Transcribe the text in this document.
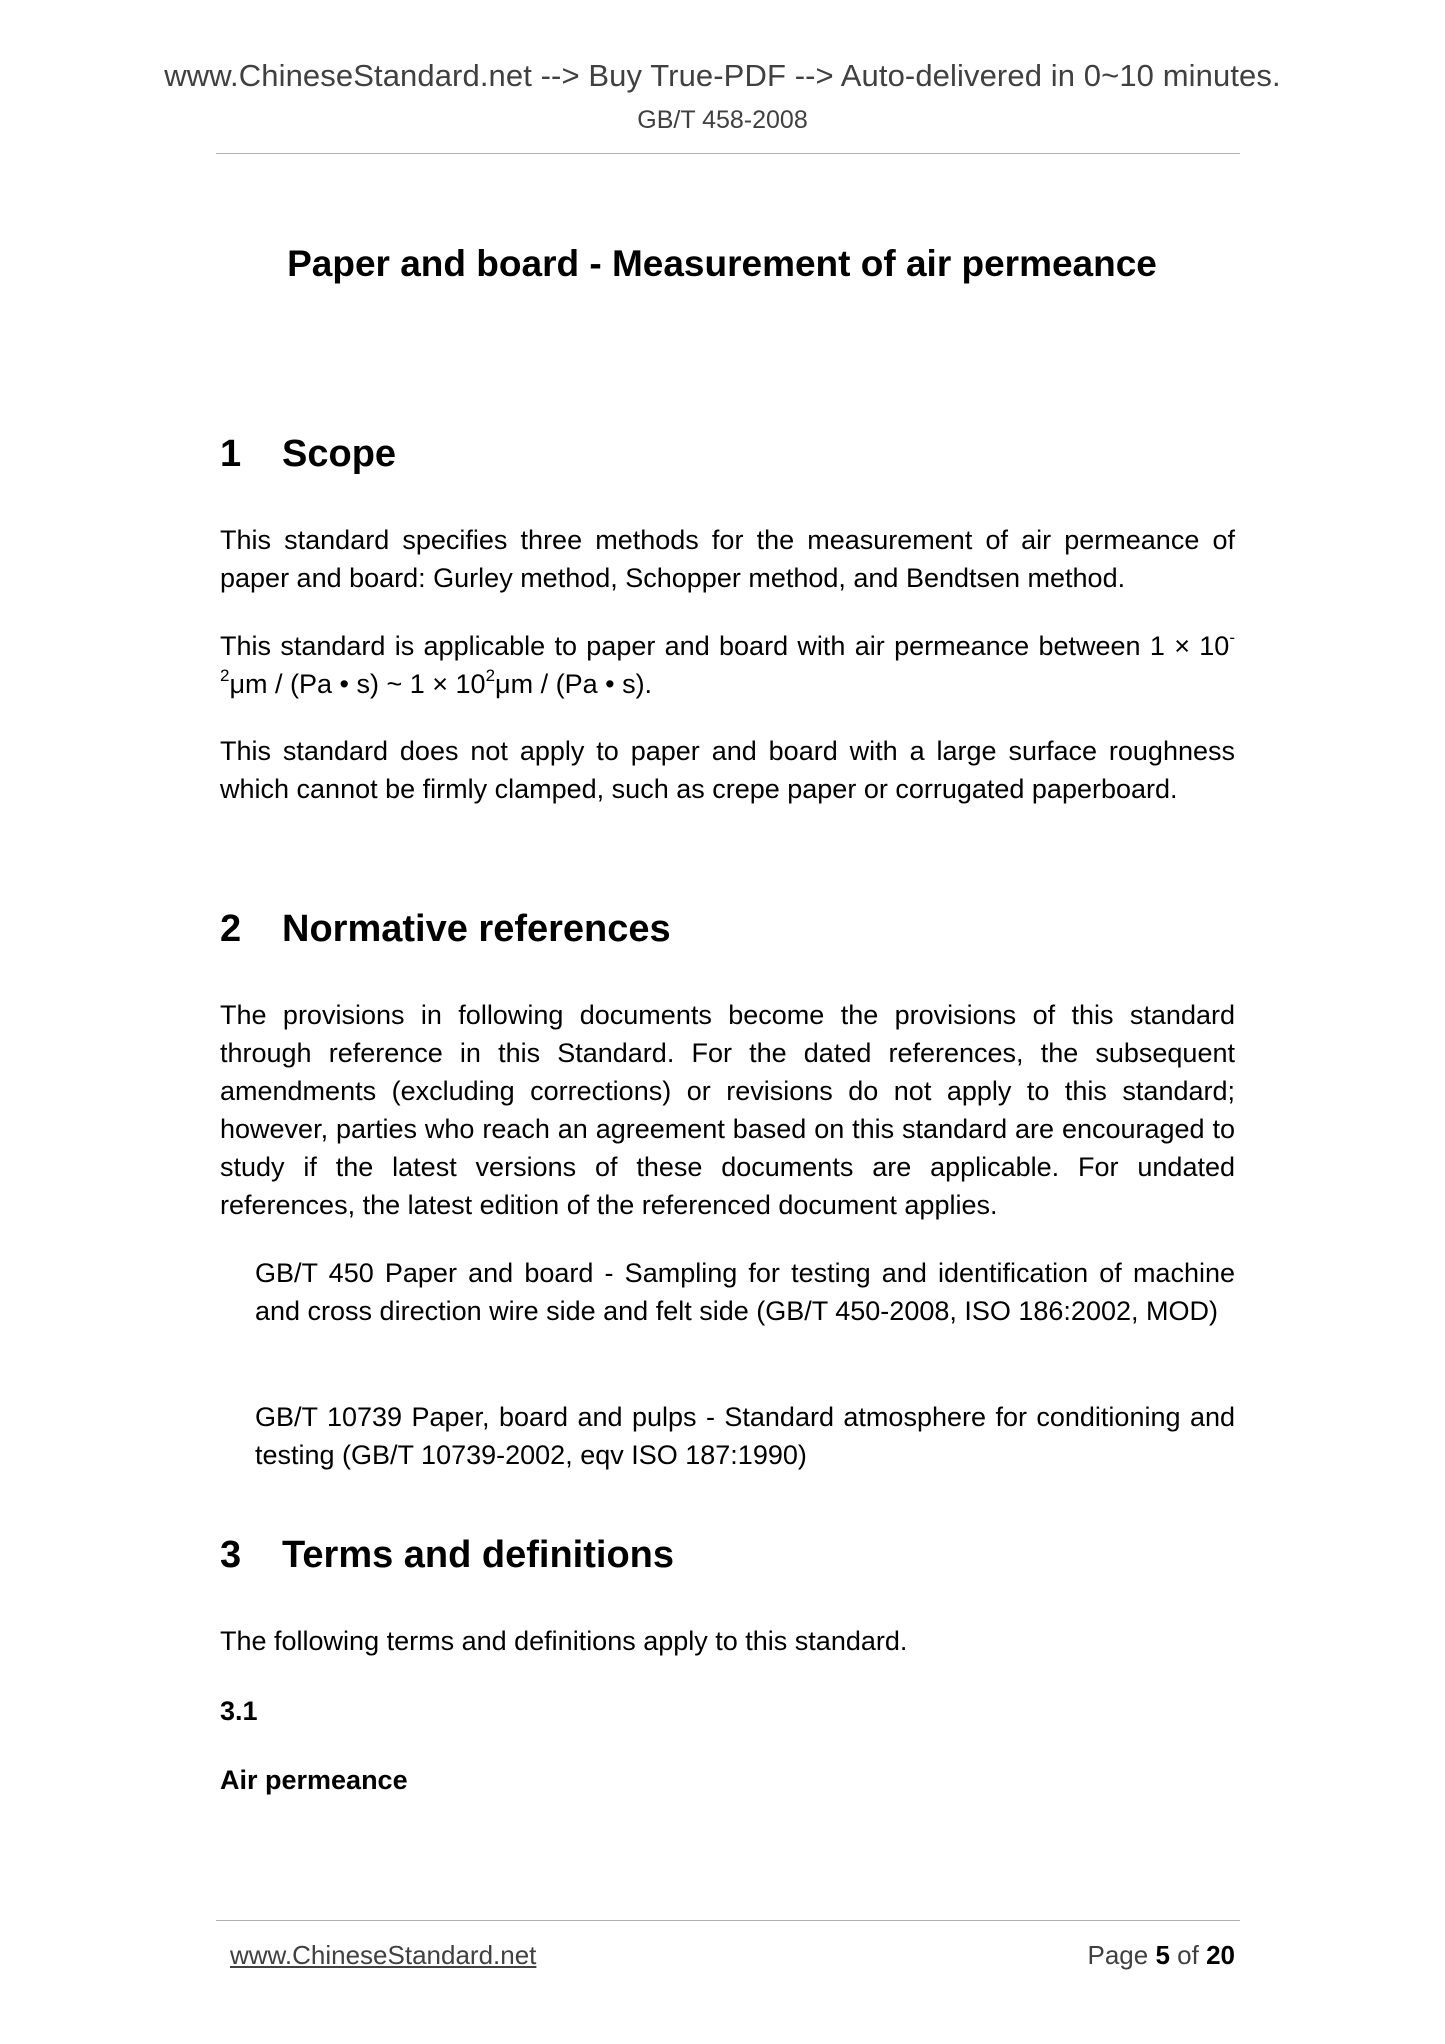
www.ChineseStandard.net --> Buy True-PDF --> Auto-delivered in 0~10 minutes.
GB/T 458-2008
Paper and board - Measurement of air permeance
1 Scope

This standard specifies three methods for the measurement of air permeance of paper and board: Gurley method, Schopper method, and Bendtsen method.

This standard is applicable to paper and board with air permeance between $1 \times 10^{-2}\mu m / (Pa$ • s) ~ $1 \times 10^2\mu m / (Pa$ • s).

This standard does not apply to paper and board with a large surface roughness which cannot be firmly clamped, such as crepe paper or corrugated paperboard.

2 Normative references

The provisions in following documents become the provisions of this standard through reference in this Standard. For the dated references, the subsequent amendments (excluding corrections) or revisions do not apply to this standard; however, parties who reach an agreement based on this standard are encouraged to study if the latest versions of these documents are applicable. For undated references, the latest edition of the referenced document applies.

GB/T 450 Paper and board - Sampling for testing and identification of machine and cross direction wire side and felt side (GB/T 450-2008, ISO 186:2002, MOD)

GB/T 10739 Paper, board and pulps - Standard atmosphere for conditioning and testing (GB/T 10739-2002, eqv ISO 187:1990)

3 Terms and definitions

The following terms and definitions apply to this standard.

3.1
Air permeance
www.ChineseStandard.net	Page 5 of 20
